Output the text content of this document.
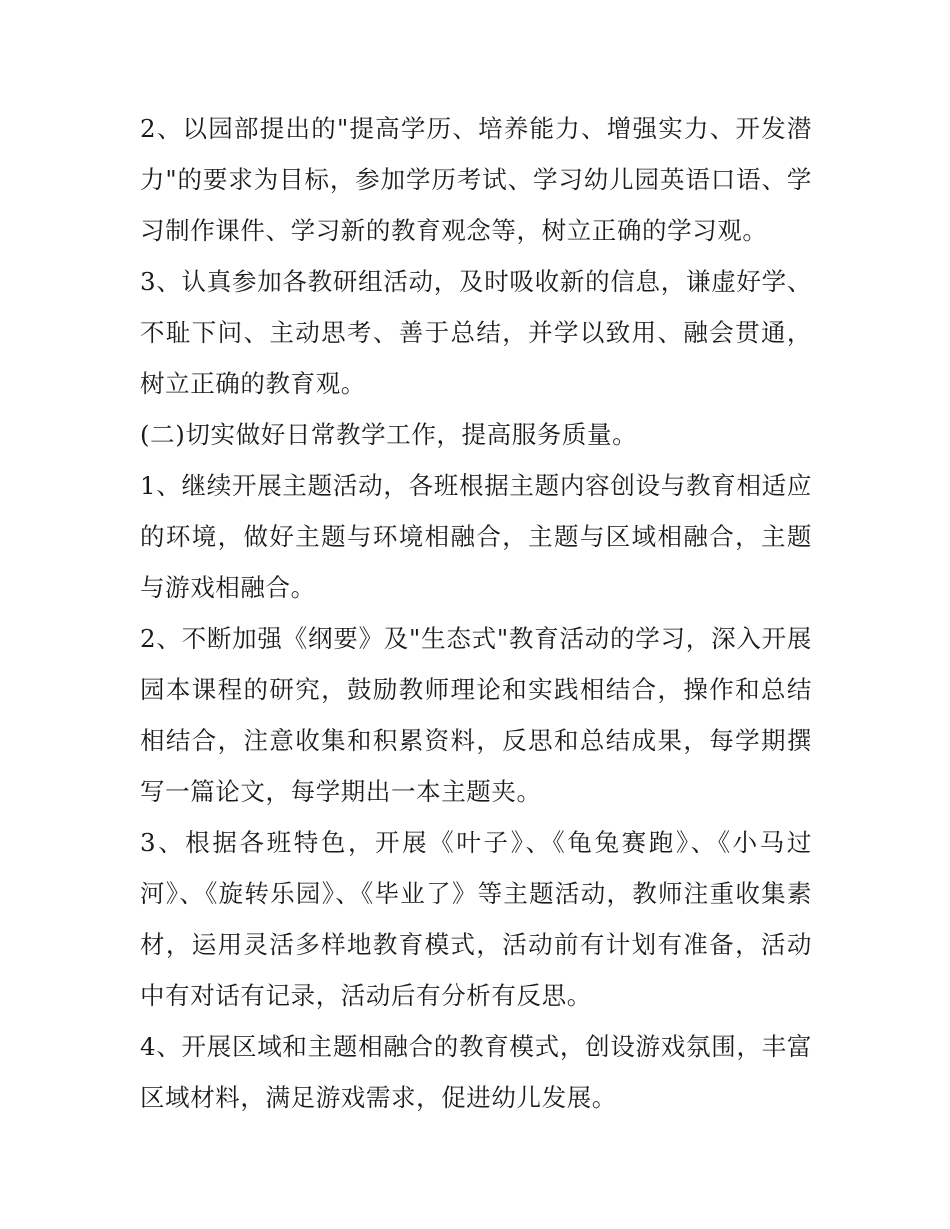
2、以园部提出的"提高学历、培养能力、增强实力、开发潜力"的要求为目标，参加学历考试、学习幼儿园英语口语、学习制作课件、学习新的教育观念等，树立正确的学习观。

3、认真参加各教研组活动，及时吸收新的信息，谦虚好学、不耻下问、主动思考、善于总结，并学以致用、融会贯通，树立正确的教育观。

(二)切实做好日常教学工作，提高服务质量。

1、继续开展主题活动，各班根据主题内容创设与教育相适应的环境，做好主题与环境相融合，主题与区域相融合，主题与游戏相融合。

2、不断加强《纲要》及"生态式"教育活动的学习，深入开展园本课程的研究，鼓励教师理论和实践相结合，操作和总结相结合，注意收集和积累资料，反思和总结成果，每学期撰写一篇论文，每学期出一本主题夹。

3、根据各班特色，开展《叶子》、《龟兔赛跑》、《小马过河》、《旋转乐园》、《毕业了》等主题活动，教师注重收集素材，运用灵活多样地教育模式，活动前有计划有准备，活动中有对话有记录，活动后有分析有反思。

4、开展区域和主题相融合的教育模式，创设游戏氛围，丰富区域材料，满足游戏需求，促进幼儿发展。
